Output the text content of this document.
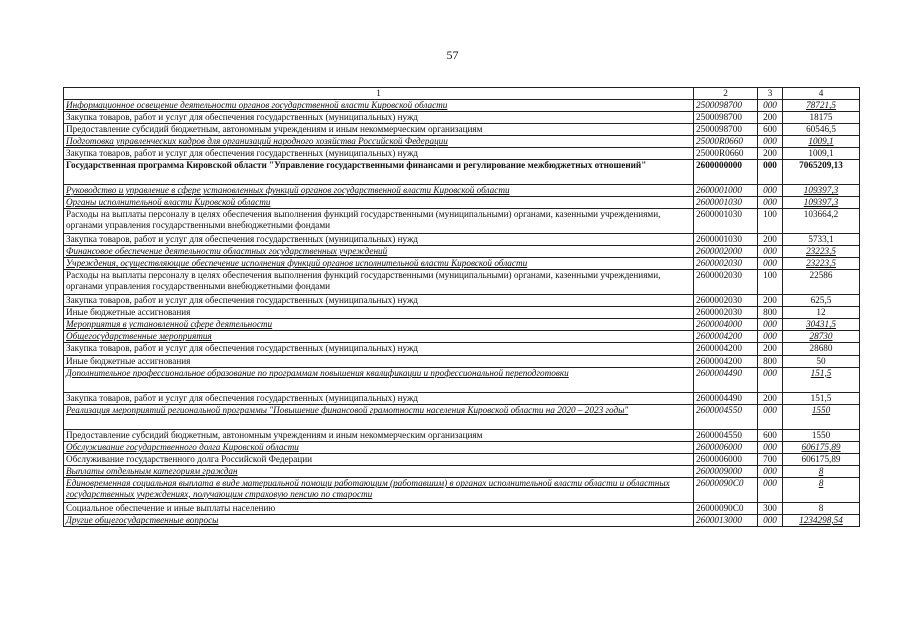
57
1	2	3	4
Информационное освещение деятельности органов государственной власти Кировской области	2500098700	000	78721,5
Закупка товаров, работ и услуг для обеспечения государственных (муниципальных) нужд	2500098700	200	18175
Предоставление субсидий бюджетным, автономным учреждениям и иным некоммерческим организациям	2500098700	600	60546,5
Подготовка управленческих кадров для организаций народного хозяйства Российской Федерации	25000R0660	000	1009,1
Закупка товаров, работ и услуг для обеспечения государственных (муниципальных) нужд	25000R0660	200	1009,1
Государственная программа Кировской области "Управление государственными финансами и регулирование межбюджетных отношений"	2600000000	000	7065209,13
Руководство и управление в сфере установленных функций органов государственной власти Кировской области	2600001000	000	109397,3
Органы исполнительной власти Кировской области	2600001030	000	109397,3
Расходы на выплаты персоналу в целях обеспечения выполнения функций государственными (муниципальными) органами, казенными учреждениями, органами управления государственными внебюджетными фондами	2600001030	100	103664,2
Закупка товаров, работ и услуг для обеспечения государственных (муниципальных) нужд	2600001030	200	5733,1
Финансовое обеспечение деятельности областных государственных учреждений	2600002000	000	23223,5
Учреждения, осуществляющие обеспечение исполнения функций органов исполнительной власти Кировской области	2600002030	000	23223,5
Расходы на выплаты персоналу в целях обеспечения выполнения функций государственными (муниципальными) органами, казенными учреждениями, органами управления государственными внебюджетными фондами	2600002030	100	22586
Закупка товаров, работ и услуг для обеспечения государственных (муниципальных) нужд	2600002030	200	625,5
Иные бюджетные ассигнования	2600002030	800	12
Мероприятия в установленной сфере деятельности	2600004000	000	30431,5
Общегосударственные мероприятия	2600004200	000	28730
Закупка товаров, работ и услуг для обеспечения государственных (муниципальных) нужд	2600004200	200	28680
Иные бюджетные ассигнования	2600004200	800	50
Дополнительное профессиональное образование по программам повышения квалификации и профессиональной переподготовки	2600004490	000	151,5
Закупка товаров, работ и услуг для обеспечения государственных (муниципальных) нужд	2600004490	200	151,5
Реализация мероприятий региональной программы "Повышение финансовой грамотности населения Кировской области на 2020 – 2023 годы"	2600004550	000	1550
Предоставление субсидий бюджетным, автономным учреждениям и иным некоммерческим организациям	2600004550	600	1550
Обслуживание государственного долга Кировской области	2600006000	000	606175,89
Обслуживание государственного долга Российской Федерации	2600006000	700	606175,89
Выплаты отдельным категориям граждан	2600009000	000	8
Единовременная социальная выплата в виде материальной помощи работающим (работавшим) в органах исполнительной власти области и областных государственных учреждениях, получающим страховую пенсию по старости	26000090C0	000	8
Социальное обеспечение и иные выплаты населению	26000090C0	300	8
Другие общегосударственные вопросы	2600013000	000	1234298,54
